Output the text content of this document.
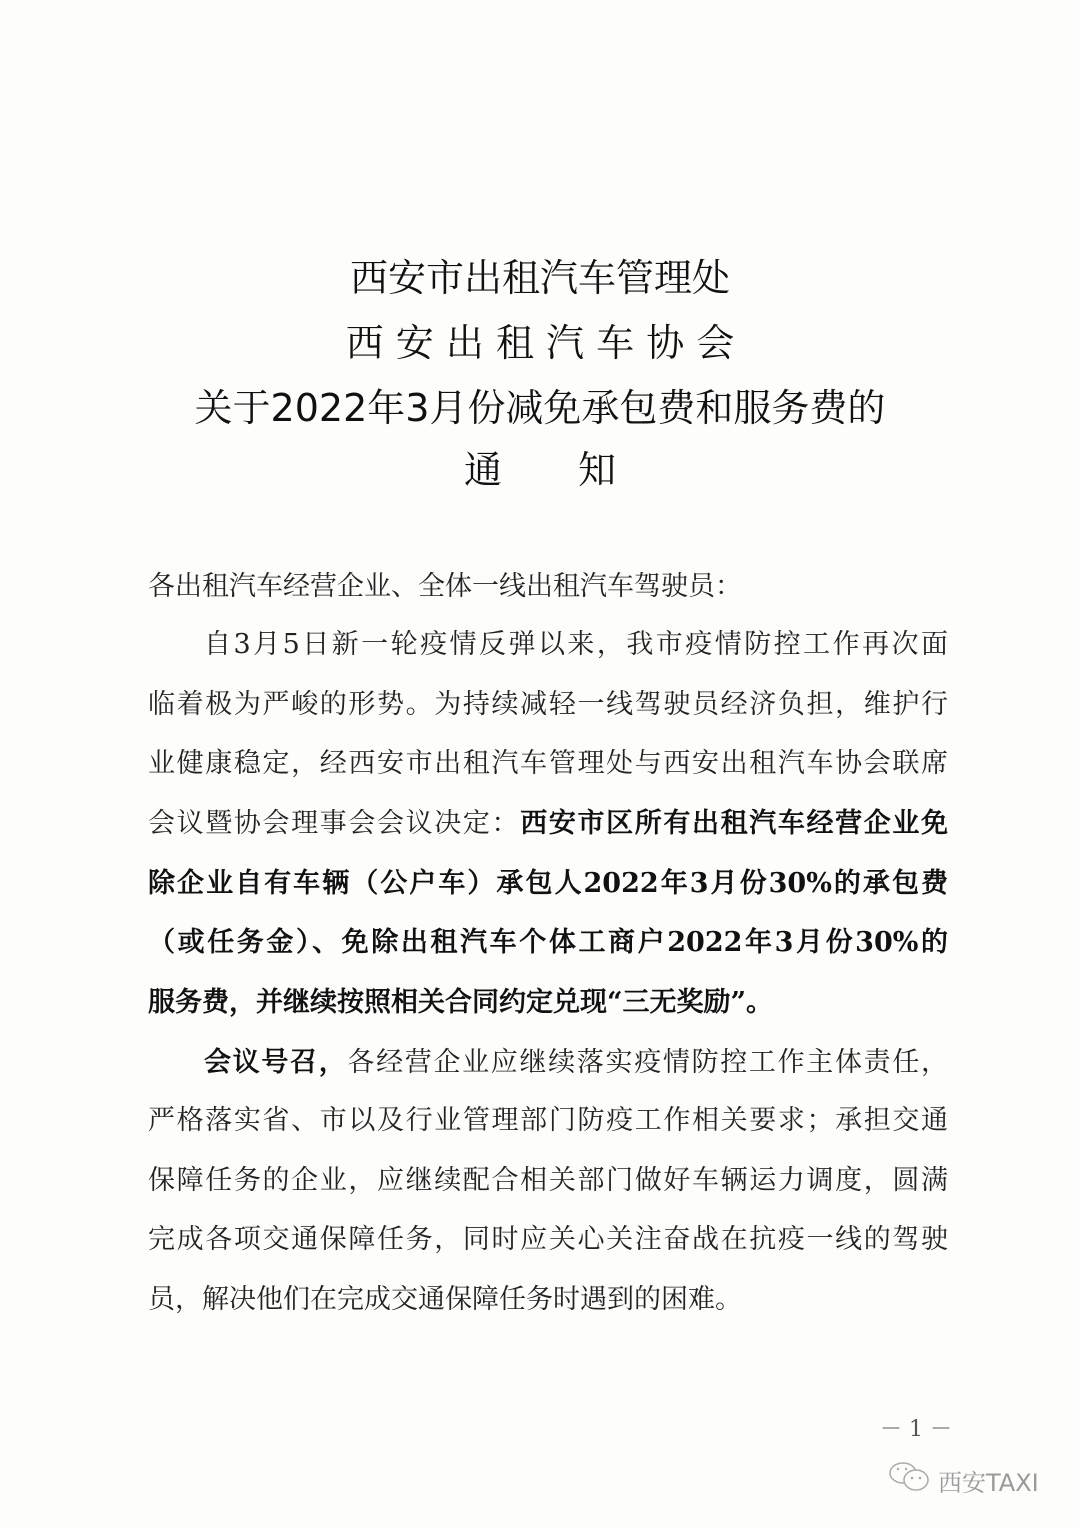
西安市出租汽车管理处
西 安 出 租 汽 车 协 会
关于2022年3月份减免承包费和服务费的
通　　知
各出租汽车经营企业、全体一线出租汽车驾驶员：
自3月5日新一轮疫情反弹以来，我市疫情防控工作再次面
临着极为严峻的形势。为持续减轻一线驾驶员经济负担，维护行
业健康稳定，经西安市出租汽车管理处与西安出租汽车协会联席
会议暨协会理事会会议决定：西安市区所有出租汽车经营企业免
除企业自有车辆（公户车）承包人2022年3月份30%的承包费
（或任务金）、免除出租汽车个体工商户2022年3月份30%的
服务费，并继续按照相关合同约定兑现“三无奖励”。
会议号召，各经营企业应继续落实疫情防控工作主体责任，
严格落实省、市以及行业管理部门防疫工作相关要求；承担交通
保障任务的企业，应继续配合相关部门做好车辆运力调度，圆满
完成各项交通保障任务，同时应关心关注奋战在抗疫一线的驾驶
员，解决他们在完成交通保障任务时遇到的困难。
－ 1 －
西安TAXI
